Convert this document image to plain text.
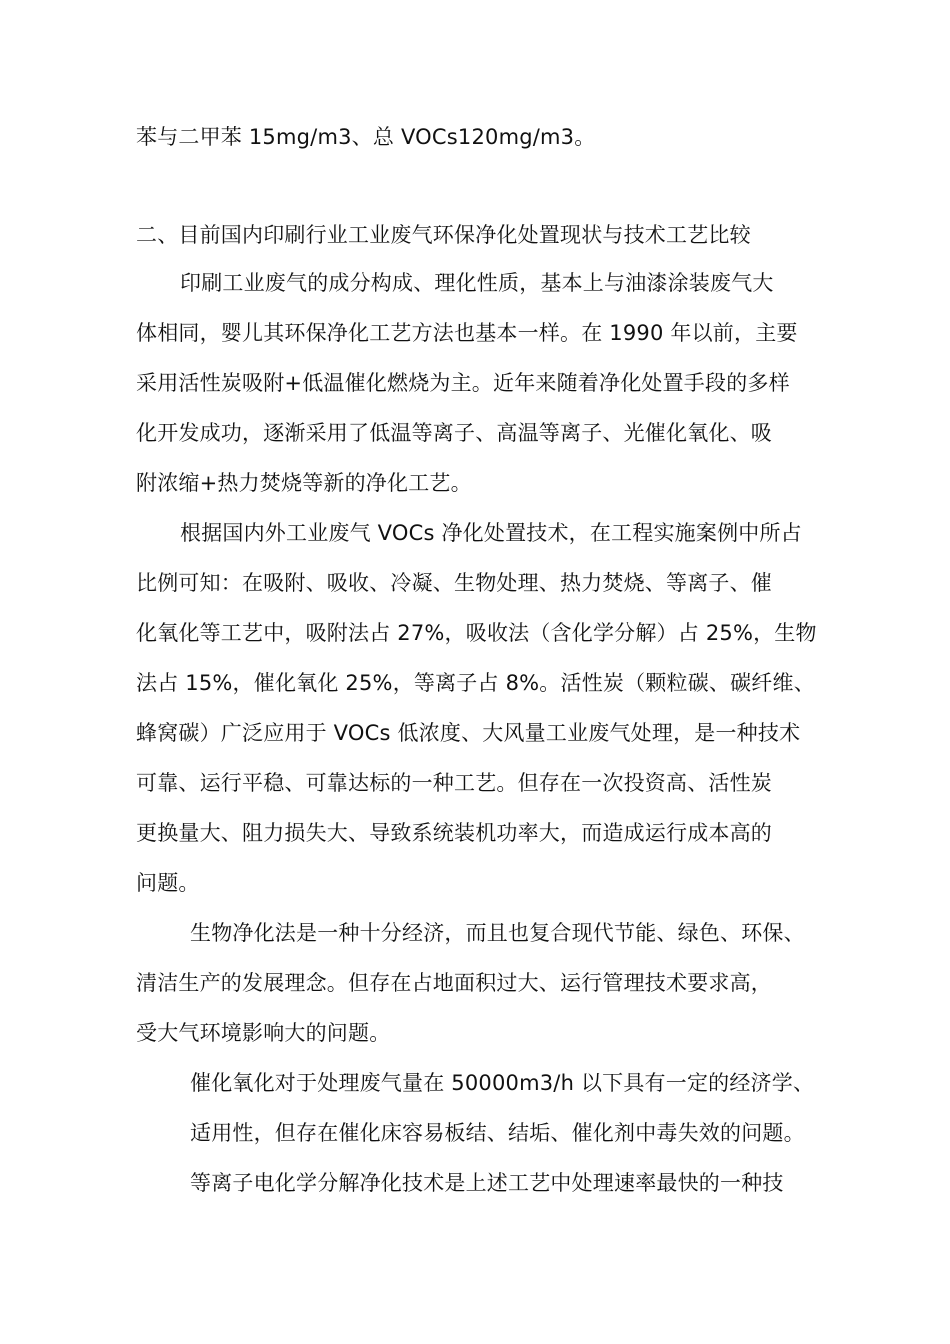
苯与二甲苯 15mg/m3、总 VOCs120mg/m3。
二、目前国内印刷行业工业废气环保净化处置现状与技术工艺比较
印刷工业废气的成分构成、理化性质，基本上与油漆涂装废气大
体相同，婴儿其环保净化工艺方法也基本一样。在 1990 年以前，主要
采用活性炭吸附+低温催化燃烧为主。近年来随着净化处置手段的多样
化开发成功，逐渐采用了低温等离子、高温等离子、光催化氧化、吸
附浓缩+热力焚烧等新的净化工艺。
根据国内外工业废气 VOCs 净化处置技术，在工程实施案例中所占
比例可知：在吸附、吸收、冷凝、生物处理、热力焚烧、等离子、催
化氧化等工艺中，吸附法占 27%，吸收法（含化学分解）占 25%，生物
法占 15%，催化氧化 25%，等离子占 8%。活性炭（颗粒碳、碳纤维、
蜂窝碳）广泛应用于 VOCs 低浓度、大风量工业废气处理，是一种技术
可靠、运行平稳、可靠达标的一种工艺。但存在一次投资高、活性炭
更换量大、阻力损失大、导致系统装机功率大，而造成运行成本高的
问题。
生物净化法是一种十分经济，而且也复合现代节能、绿色、环保、
清洁生产的发展理念。但存在占地面积过大、运行管理技术要求高，
受大气环境影响大的问题。
催化氧化对于处理废气量在 50000m3/h 以下具有一定的经济学、
适用性，但存在催化床容易板结、结垢、催化剂中毒失效的问题。
等离子电化学分解净化技术是上述工艺中处理速率最快的一种技
